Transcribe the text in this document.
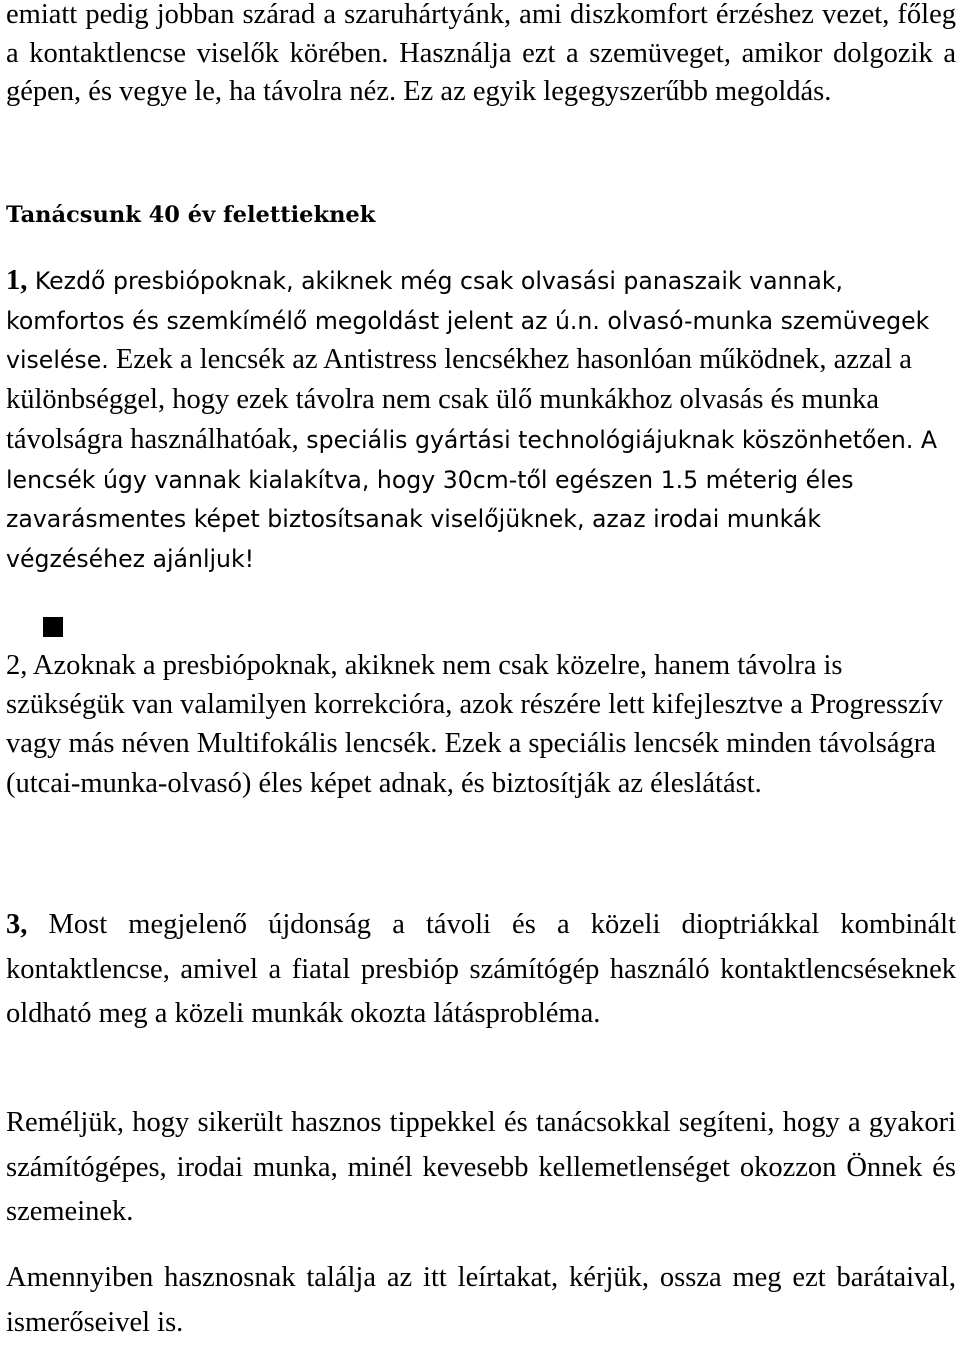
emiatt pedig jobban szárad a szaruhártyánk, ami diszkomfort érzéshez vezet, főleg a kontaktlencse viselők körében. Használja ezt a szemüveget, amikor dolgozik a gépen, és vegye le, ha távolra néz. Ez az egyik legegyszerűbb megoldás.

Tanácsunk 40 év felettieknek

1, Kezdő presbiópoknak, akiknek még csak olvasási panaszaik vannak, komfortos és szemkímélő megoldást jelent az ú.n. olvasó-munka szemüvegek viselése. Ezek a lencsék az Antistress lencsékhez hasonlóan működnek, azzal a különbséggel, hogy ezek távolra nem csak ülő munkákhoz olvasás és munka távolságra használhatóak, speciális gyártási technológiájuknak köszönhetően. A lencsék úgy vannak kialakítva, hogy 30cm-től egészen 1.5 méterig éles zavarásmentes képet biztosítsanak viselőjüknek, azaz irodai munkák végzéséhez ajánljuk!

2, Azoknak a presbiópoknak, akiknek nem csak közelre, hanem távolra is szükségük van valamilyen korrekcióra, azok részére lett kifejlesztve a Progresszív vagy más néven Multifokális lencsék. Ezek a speciális lencsék minden távolságra (utcai-munka-olvasó) éles képet adnak, és biztosítják az éleslátást.

3, Most megjelenő újdonság a távoli és a közeli dioptriákkal kombinált kontaktlencse, amivel a fiatal presbióp számítógép használó kontaktlencséseknek oldható meg a közeli munkák okozta látásprobléma.

Reméljük, hogy sikerült hasznos tippekkel és tanácsokkal segíteni, hogy a gyakori számítógépes, irodai munka, minél kevesebb kellemetlenséget okozzon Önnek és szemeinek.

Amennyiben hasznosnak találja az itt leírtakat, kérjük, ossza meg ezt barátaival, ismerőseivel is.
